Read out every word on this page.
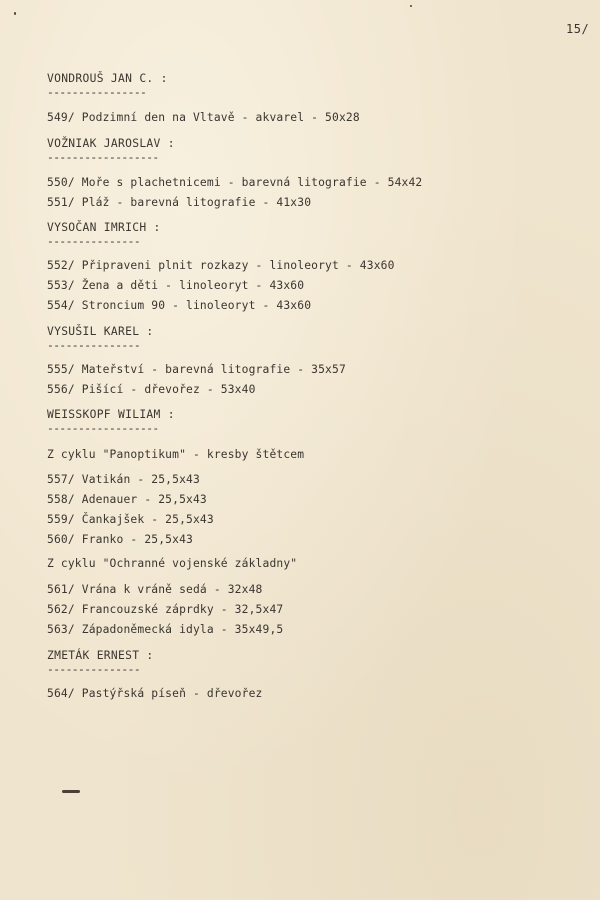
15/
VONDROUŠ JAN C. :
----------------
549/ Podzimní den na Vltavě - akvarel - 50x28
VOŽNIAK JAROSLAV :
------------------
550/ Moře s plachetnicemi - barevná litografie - 54x42
551/ Pláž - barevná litografie - 41x30
VYSOČAN IMRICH :
---------------
552/ Připraveni plnit rozkazy - linoleoryt - 43x60
553/ Žena a děti - linoleoryt - 43x60
554/ Stroncium 90 - linoleoryt - 43x60
VYSUŠIL KAREL :
---------------
555/ Mateřství - barevná litografie - 35x57
556/ Pišící - dřevořez - 53x40
WEISSKOPF WILIAM :
------------------
Z cyklu "Panoptikum" - kresby štětcem
557/ Vatikán - 25,5x43
558/ Adenauer - 25,5x43
559/ Čankajšek - 25,5x43
560/ Franko - 25,5x43
Z cyklu "Ochranné vojenské základny"
561/ Vrána k vráně sedá - 32x48
562/ Francouzské záprdky - 32,5x47
563/ Západoněmecká idyla - 35x49,5
ZMETÁK ERNEST :
---------------
564/ Pastýřská píseň - dřevořez
